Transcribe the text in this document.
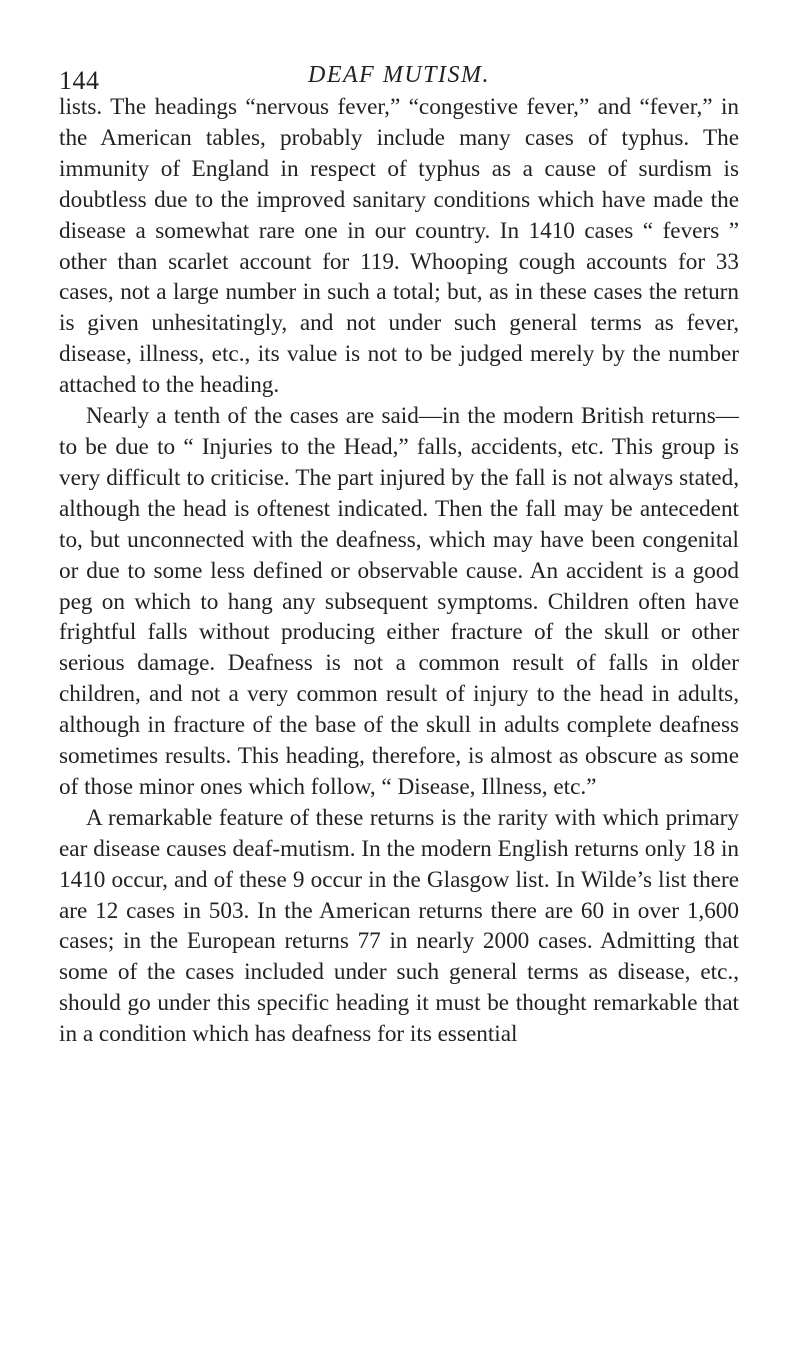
144	DEAF MUTISM.

lists. The headings “nervous fever,” “congestive fever,” and “fever,” in the American tables, probably include many cases of typhus. The immunity of England in respect of typhus as a cause of surdism is doubtless due to the improved sanitary conditions which have made the disease a somewhat rare one in our country. In 1410 cases “ fevers ” other than scarlet account for 119. Whooping cough accounts for 33 cases, not a large number in such a total; but, as in these cases the return is given unhesitatingly, and not under such general terms as fever, disease, illness, etc., its value is not to be judged merely by the number attached to the heading.

Nearly a tenth of the cases are said—in the modern British returns—to be due to “ Injuries to the Head,” falls, accidents, etc. This group is very difficult to criticise. The part injured by the fall is not always stated, although the head is oftenest indicated. Then the fall may be antecedent to, but unconnected with the deafness, which may have been congenital or due to some less defined or observable cause. An accident is a good peg on which to hang any subsequent symptoms. Children often have frightful falls without producing either fracture of the skull or other serious damage. Deafness is not a common result of falls in older children, and not a very common result of injury to the head in adults, although in fracture of the base of the skull in adults complete deafness sometimes results. This heading, therefore, is almost as obscure as some of those minor ones which follow, “ Disease, Illness, etc.”

A remarkable feature of these returns is the rarity with which primary ear disease causes deaf-mutism. In the modern English returns only 18 in 1410 occur, and of these 9 occur in the Glasgow list. In Wilde’s list there are 12 cases in 503. In the American returns there are 60 in over 1,600 cases; in the European returns 77 in nearly 2000 cases. Admitting that some of the cases included under such general terms as disease, etc., should go under this specific heading it must be thought remarkable that in a condition which has deafness for its essential
